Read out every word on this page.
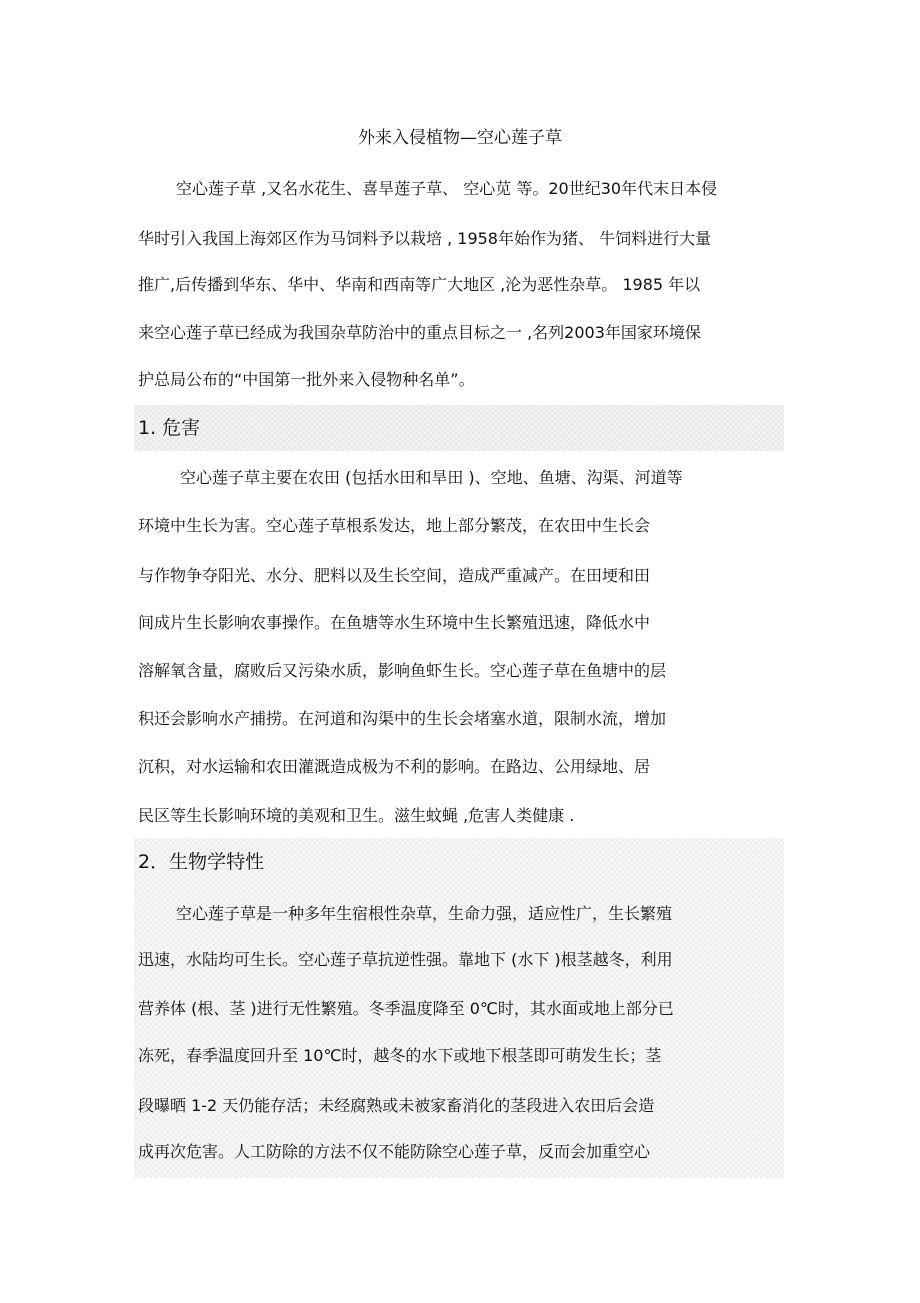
外来入侵植物—空心莲子草
空心莲子草 ,又名水花生、喜旱莲子草、 空心苋 等。20世纪30年代末日本侵
华时引入我国上海郊区作为马饲料予以栽培 , 1958年始作为猪、 牛饲料进行大量
推广,后传播到华东、华中、华南和西南等广大地区 ,沦为恶性杂草。 1985 年以
来空心莲子草已经成为我国杂草防治中的重点目标之一 ,名列2003年国家环境保
护总局公布的“中国第一批外来入侵物种名单”。
1. 危害
空心莲子草主要在农田 (包括水田和旱田 )、空地、鱼塘、沟渠、河道等
环境中生长为害。空心莲子草根系发达，地上部分繁茂，在农田中生长会
与作物争夺阳光、水分、肥料以及生长空间，造成严重减产。在田埂和田
间成片生长影响农事操作。在鱼塘等水生环境中生长繁殖迅速，降低水中
溶解氧含量，腐败后又污染水质，影响鱼虾生长。空心莲子草在鱼塘中的层
积还会影响水产捕捞。在河道和沟渠中的生长会堵塞水道，限制水流，增加
沉积，对水运输和农田灌溉造成极为不利的影响。在路边、公用绿地、居
民区等生长影响环境的美观和卫生。滋生蚊蝇 ,危害人类健康 .
2．生物学特性
空心莲子草是一种多年生宿根性杂草，生命力强，适应性广，生长繁殖
迅速，水陆均可生长。空心莲子草抗逆性强。靠地下 (水下 )根茎越冬，利用
营养体 (根、茎 )进行无性繁殖。冬季温度降至 0℃时，其水面或地上部分已
冻死，春季温度回升至 10℃时，越冬的水下或地下根茎即可萌发生长；茎
段曝晒 1-2 天仍能存活；未经腐熟或未被家畜消化的茎段进入农田后会造
成再次危害。人工防除的方法不仅不能防除空心莲子草，反而会加重空心
